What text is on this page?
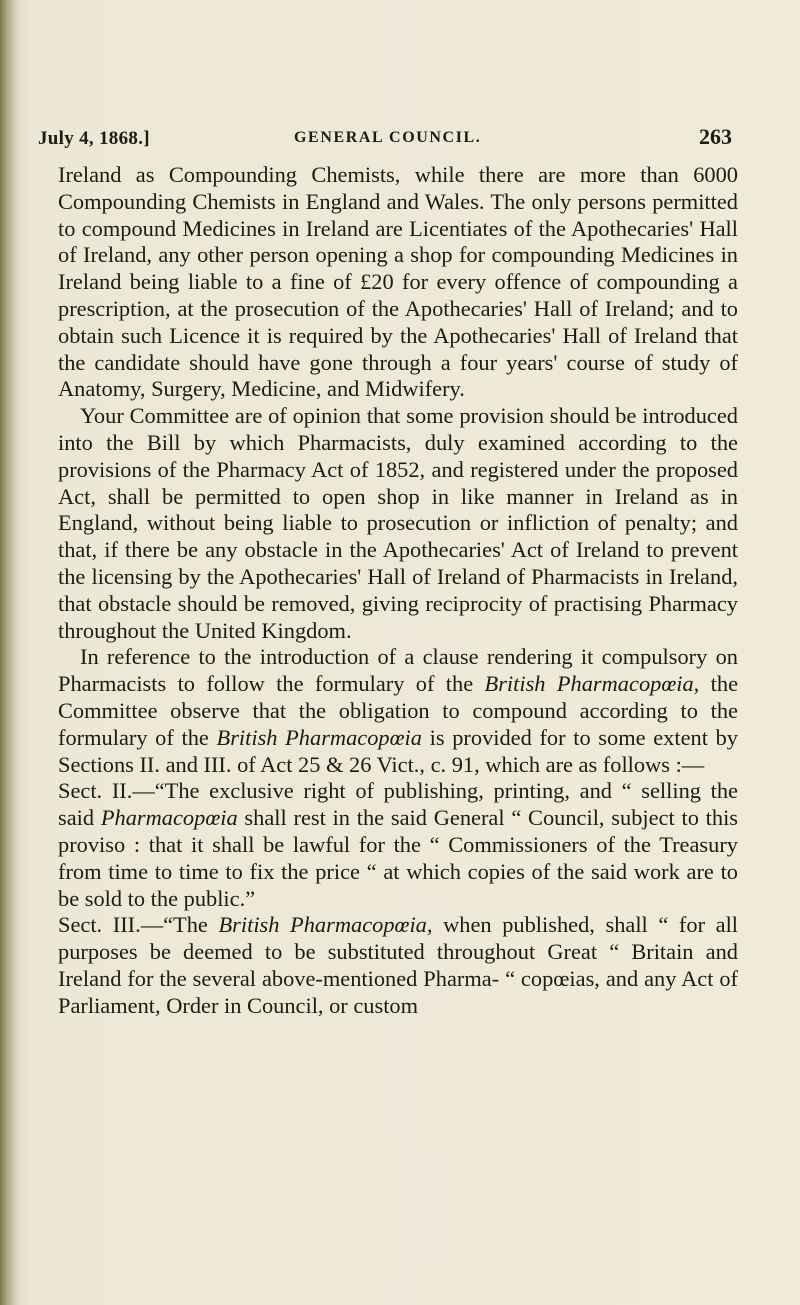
July 4, 1868.]	GENERAL COUNCIL.	263

Ireland as Compounding Chemists, while there are more than 6000 Compounding Chemists in England and Wales. The only persons permitted to compound Medicines in Ireland are Licentiates of the Apothecaries' Hall of Ireland, any other person opening a shop for compounding Medicines in Ireland being liable to a fine of £20 for every offence of compounding a prescription, at the prosecution of the Apothecaries' Hall of Ireland; and to obtain such Licence it is required by the Apothecaries' Hall of Ireland that the candidate should have gone through a four years' course of study of Anatomy, Surgery, Medicine, and Midwifery.

Your Committee are of opinion that some provision should be introduced into the Bill by which Pharmacists, duly examined according to the provisions of the Pharmacy Act of 1852, and registered under the proposed Act, shall be permitted to open shop in like manner in Ireland as in England, without being liable to prosecution or infliction of penalty; and that, if there be any obstacle in the Apothecaries' Act of Ireland to prevent the licensing by the Apothecaries' Hall of Ireland of Pharmacists in Ireland, that obstacle should be removed, giving reciprocity of practising Pharmacy throughout the United Kingdom.

In reference to the introduction of a clause rendering it compulsory on Pharmacists to follow the formulary of the British Pharmacopœia, the Committee observe that the obligation to compound according to the formulary of the British Pharmacopœia is provided for to some extent by Sections II. and III. of Act 25 & 26 Vict., c. 91, which are as follows :—

Sect. II.—“The exclusive right of publishing, printing, and “ selling the said Pharmacopœia shall rest in the said General “ Council, subject to this proviso : that it shall be lawful for the “ Commissioners of the Treasury from time to time to fix the price “ at which copies of the said work are to be sold to the public.”

Sect. III.—“The British Pharmacopœia, when published, shall “ for all purposes be deemed to be substituted throughout Great “ Britain and Ireland for the several above-mentioned Pharma- “ copœias, and any Act of Parliament, Order in Council, or custom
